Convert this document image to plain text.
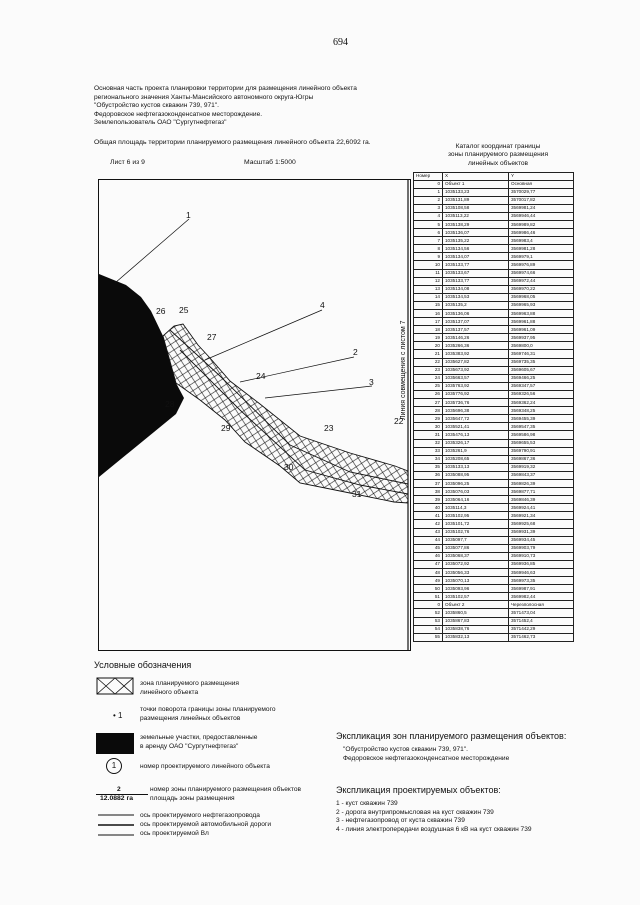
694
Основная часть проекта планировки территории для размещения линейного объекта
регионального значения Ханты-Мансийского автономного округа-Югры
"Обустройство кустов скважин 739, 971".
Федоровское нефтегазоконденсатное месторождение.
Землепользователь ОАО "Сургутнефтегаз"
Общая площадь территории планируемого размещения линейного объекта 22,6092 га.
Лист 6 из 9	Масштаб 1:5000
Каталог координат границы
зоны планируемого размещения
линейных объектов
Номер	X	Y
0	Объект 1	Основная
1	1035133,23	3570029,77
2	1035131,89	3570017,82
3	1035108,58	3569981,24
4	1035113,22	3569946,44
5	1035138,29	3569989,82
6	1035136,07	3569986,46
7	1035135,22	3569983,4
8	1035134,56	3569981,28
9	1035134,07	3569979,1
10	1035133,77	3569976,89
11	1035133,67	3569974,66
12	1035133,77	3569972,44
13	1035134,08	3569970,22
14	1035134,53	3569968,05
15	1035135,2	3569965,93
16	1035136,06	3569963,88
17	1035137,07	3569961,88
18	1035137,57	3569961,09
19	1035146,26	3569937,95
20	1035266,36	3569800,0
21	1035383,92	3569746,31
22	1035627,82	3569735,35
23	1035673,92	3569605,67
24	1035663,57	3569466,25
25	1035763,92	3569347,57
26	1035776,92	3569326,56
27	1035736,76	3569362,24
28	1035696,38	3569348,25
29	1035647,72	3569455,39
30	1035521,41	3569547,35
31	1035476,13	3569586,98
32	1035326,17	3569655,53
33	1035261,9	3569790,91
34	1035208,65	3569867,36
35	1035133,13	3569919,32
36	1035088,95	3569843,37
37	1035096,25	3569826,39
38	1035076,03	3569877,71
39	1035064,16	3569846,39
40	1035114,3	3569924,41
41	1035102,95	3569921,34
42	1035101,72	3569925,68
43	1035102,76	3569931,39
44	1035097,7	3569934,45
45	1035077,86	3569903,79
46	1035068,37	3569910,73
47	1035072,92	3569936,85
48	1035056,33	3569946,63
49	1035070,13	3569973,35
50	1035093,96	3569987,91
51	1035102,57	3569982,44
0	Объект 2	Черезполосная
52	1035860,5	3571473,04
53	1035867,83	3571452,4
54	1035838,76	3571442,29
55	1035832,13	3571462,73
1
4
2
3
26 25
27
28
24
29	23
30
22
31
Линия совмещения с листом 7
Условные обозначения
зона планируемого размещения
линейного объекта
• 1
точки поворота границы зоны планируемого
размещения линейных объектов
земельные участки, предоставленные
в аренду ОАО "Сургутнефтегаз"
1	номер проектируемого линейного объекта
2
12.0882 га
номер зоны планируемого размещения объектов
площадь зоны размещения
ось проектируемого нефтегазопровода
ось проектируемой автомобильной дороги
ось проектируемой Вл
Экспликация зон планируемого размещения объектов:
"Обустройство кустов скважин 739, 971".
Федоровское нефтегазоконденсатное месторождение
Экспликация проектируемых объектов:
1 - куст скважин 739
2 - дорога внутрипромысловая на куст скважин 739
3 - нефтегазопровод от куста скважин 739
4 - линия электропередачи воздушная 6 кВ на куст скважин 739
